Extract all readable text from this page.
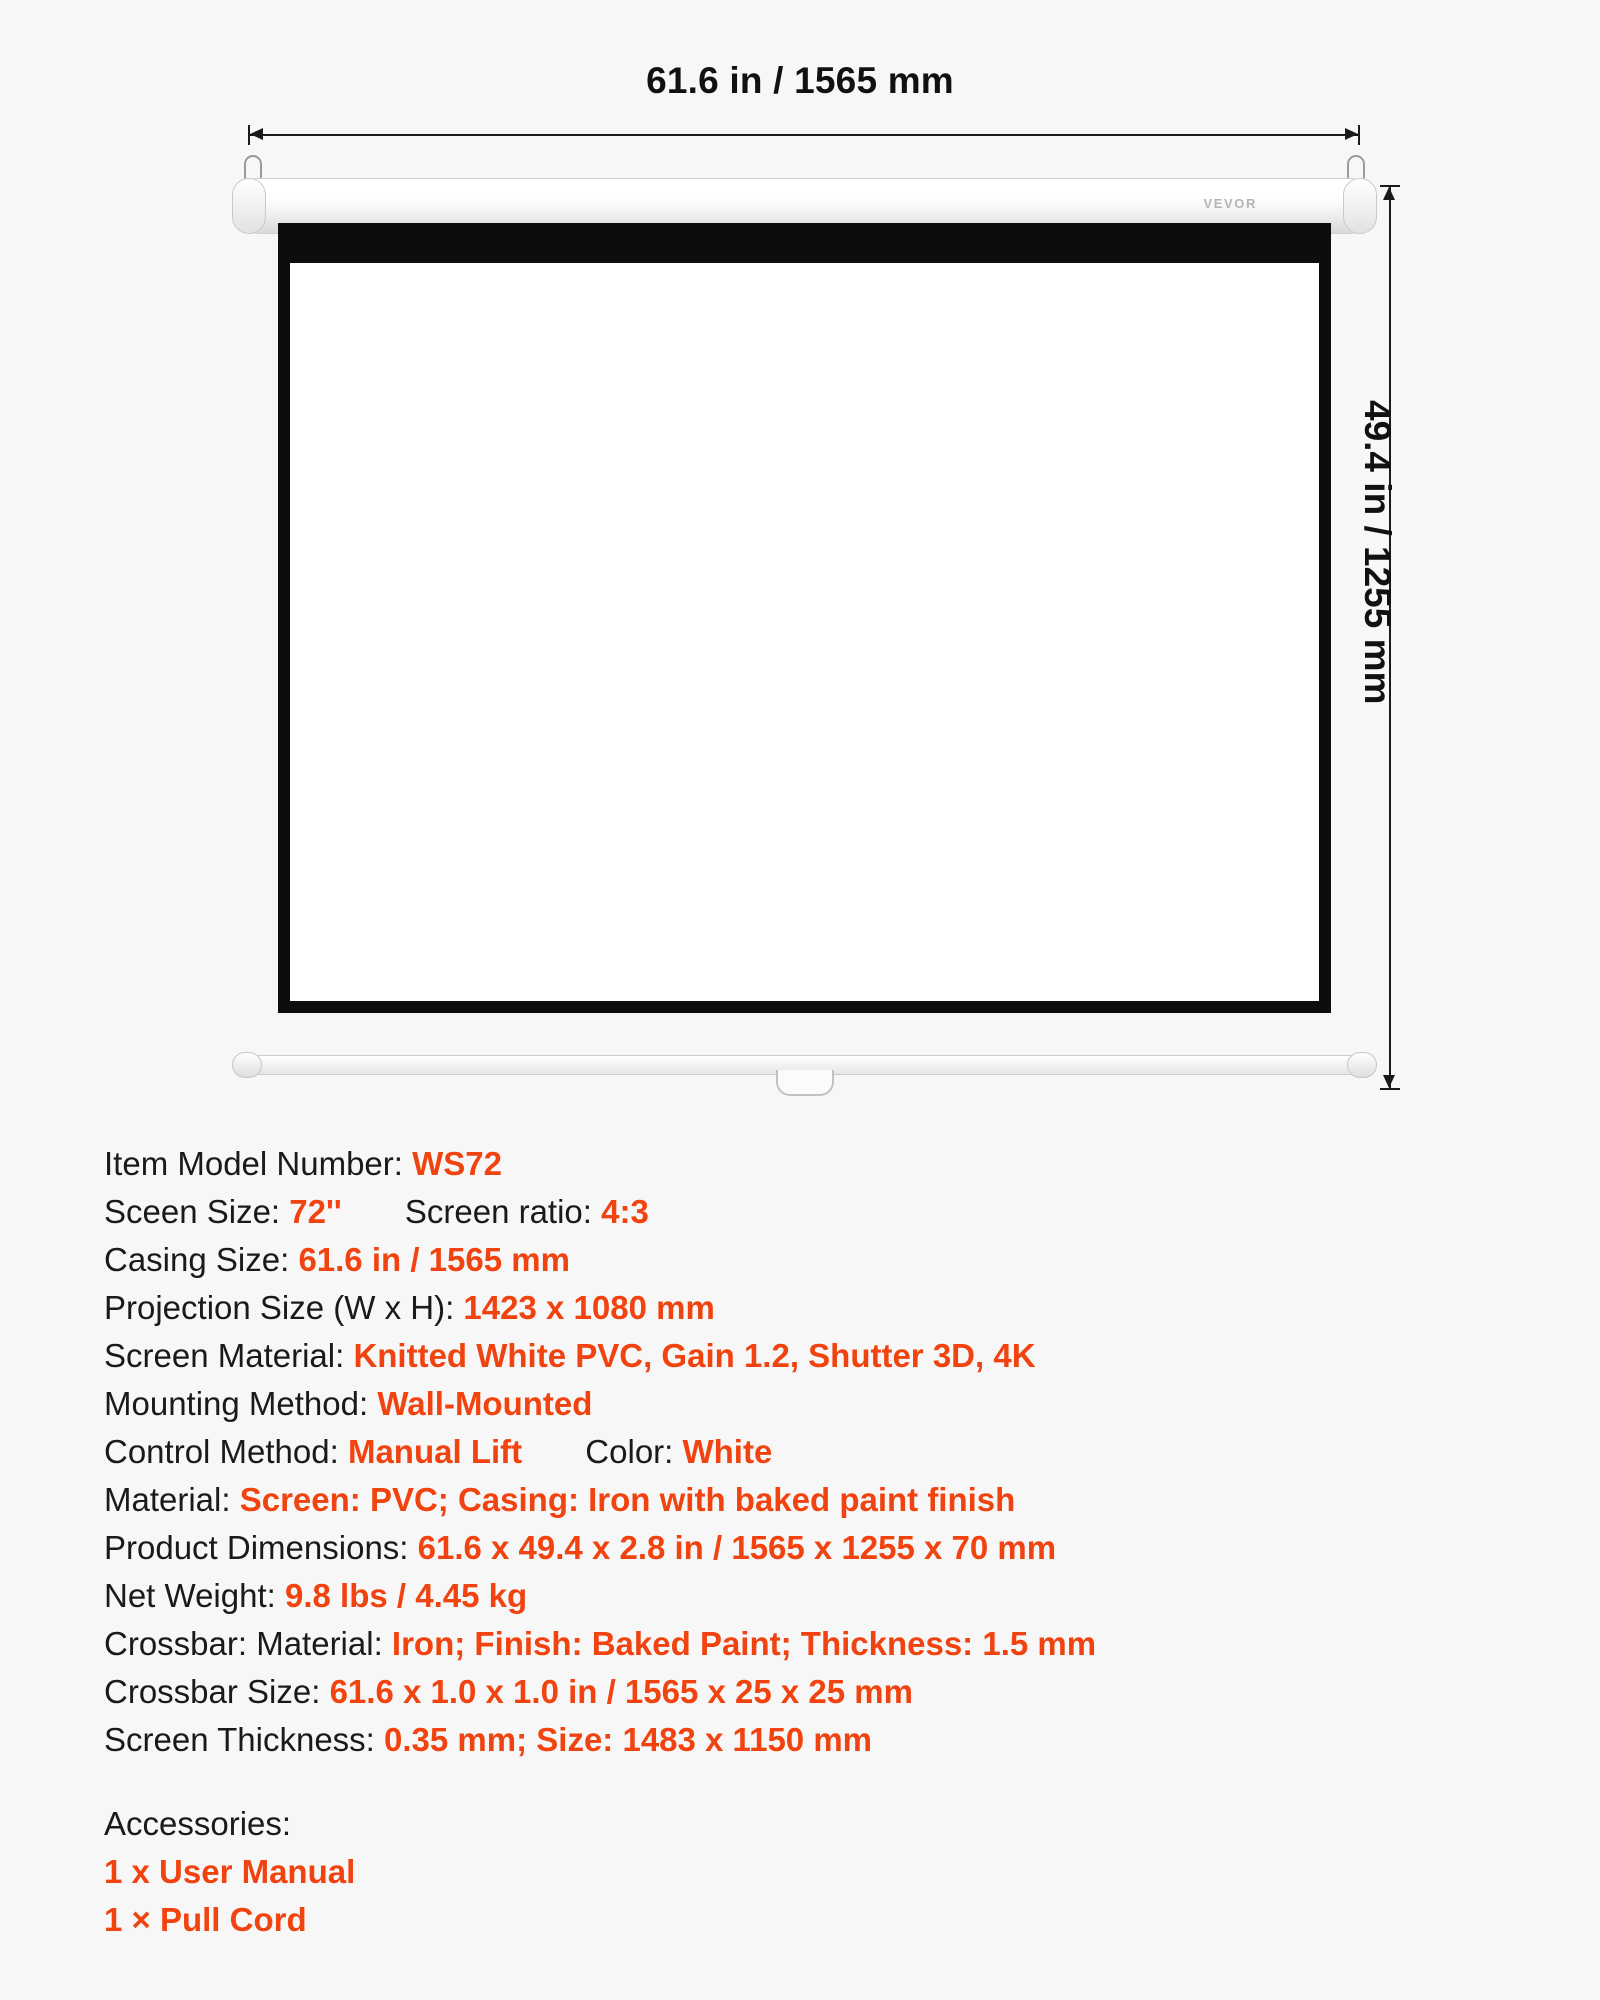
61.6 in / 1565 mm
49.4 in / 1255 mm
VEVOR
Item Model Number: WS72
Sceen Size: 72'' Screen ratio: 4:3
Casing Size: 61.6 in / 1565 mm
Projection Size (W x H): 1423 x 1080 mm
Screen Material: Knitted White PVC, Gain 1.2, Shutter 3D, 4K
Mounting Method: Wall-Mounted
Control Method: Manual Lift Color: White
Material: Screen: PVC; Casing: Iron with baked paint finish
Product Dimensions: 61.6 x 49.4 x 2.8 in / 1565 x 1255 x 70 mm
Net Weight: 9.8 lbs / 4.45 kg
Crossbar: Material: Iron; Finish: Baked Paint; Thickness: 1.5 mm
Crossbar Size: 61.6 x 1.0 x 1.0 in / 1565 x 25 x 25 mm
Screen Thickness: 0.35 mm; Size: 1483 x 1150 mm
Accessories:
1 x User Manual
1 × Pull Cord
